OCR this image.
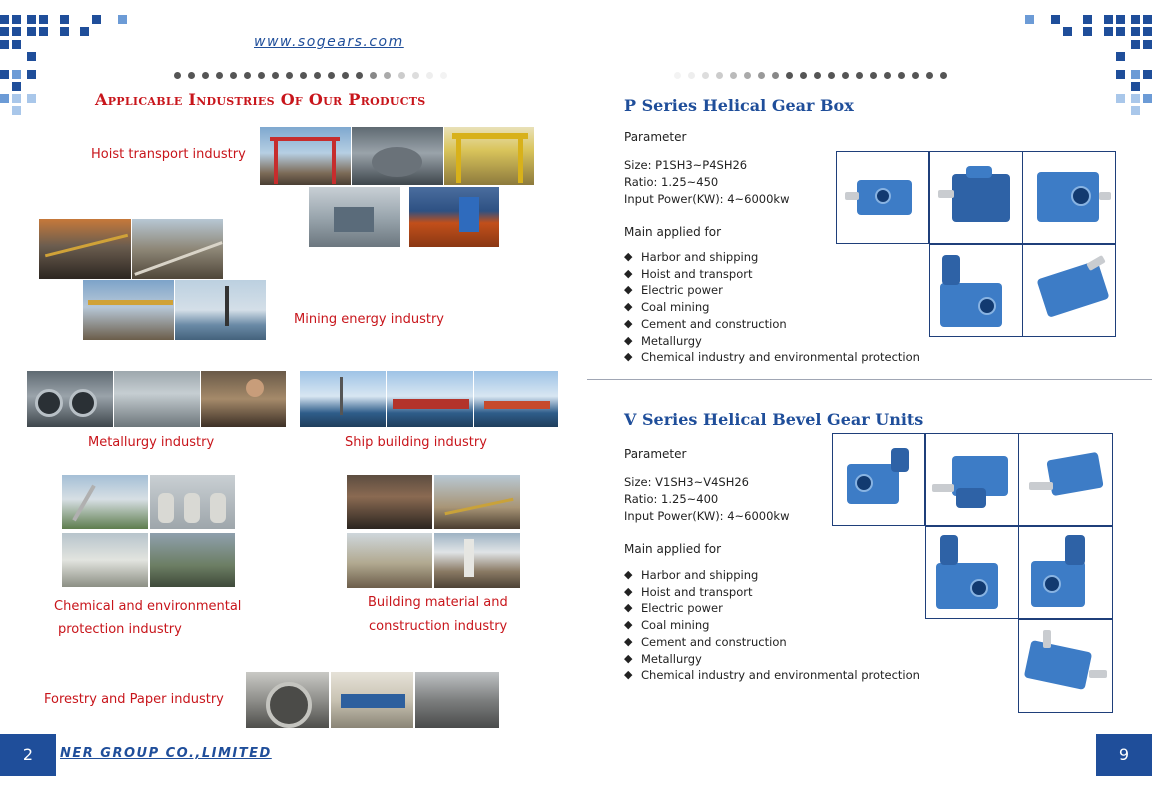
www.sogears.com
Applicable Industries Of Our Products
Hoist transport industry
Mining energy industry
Metallurgy industry	Ship building industry
Chemical and environmental
protection industry
Building material and
construction industry
Forestry and Paper industry
2	NER GROUP CO.,LIMITED	9
P Series Helical Gear Box
Parameter
Size: P1SH3~P4SH26
Ratio: 1.25~450
Input Power(KW): 4~6000kw
Main applied for
◆ Harbor and shipping
◆ Hoist and transport
◆ Electric power
◆ Coal mining
◆ Cement and construction
◆ Metallurgy
◆ Chemical industry and environmental protection
V Series Helical Bevel Gear Units
Parameter
Size: V1SH3~V4SH26
Ratio: 1.25~400
Input Power(KW): 4~6000kw
Main applied for
◆ Harbor and shipping
◆ Hoist and transport
◆ Electric power
◆ Coal mining
◆ Cement and construction
◆ Metallurgy
◆ Chemical industry and environmental protection
